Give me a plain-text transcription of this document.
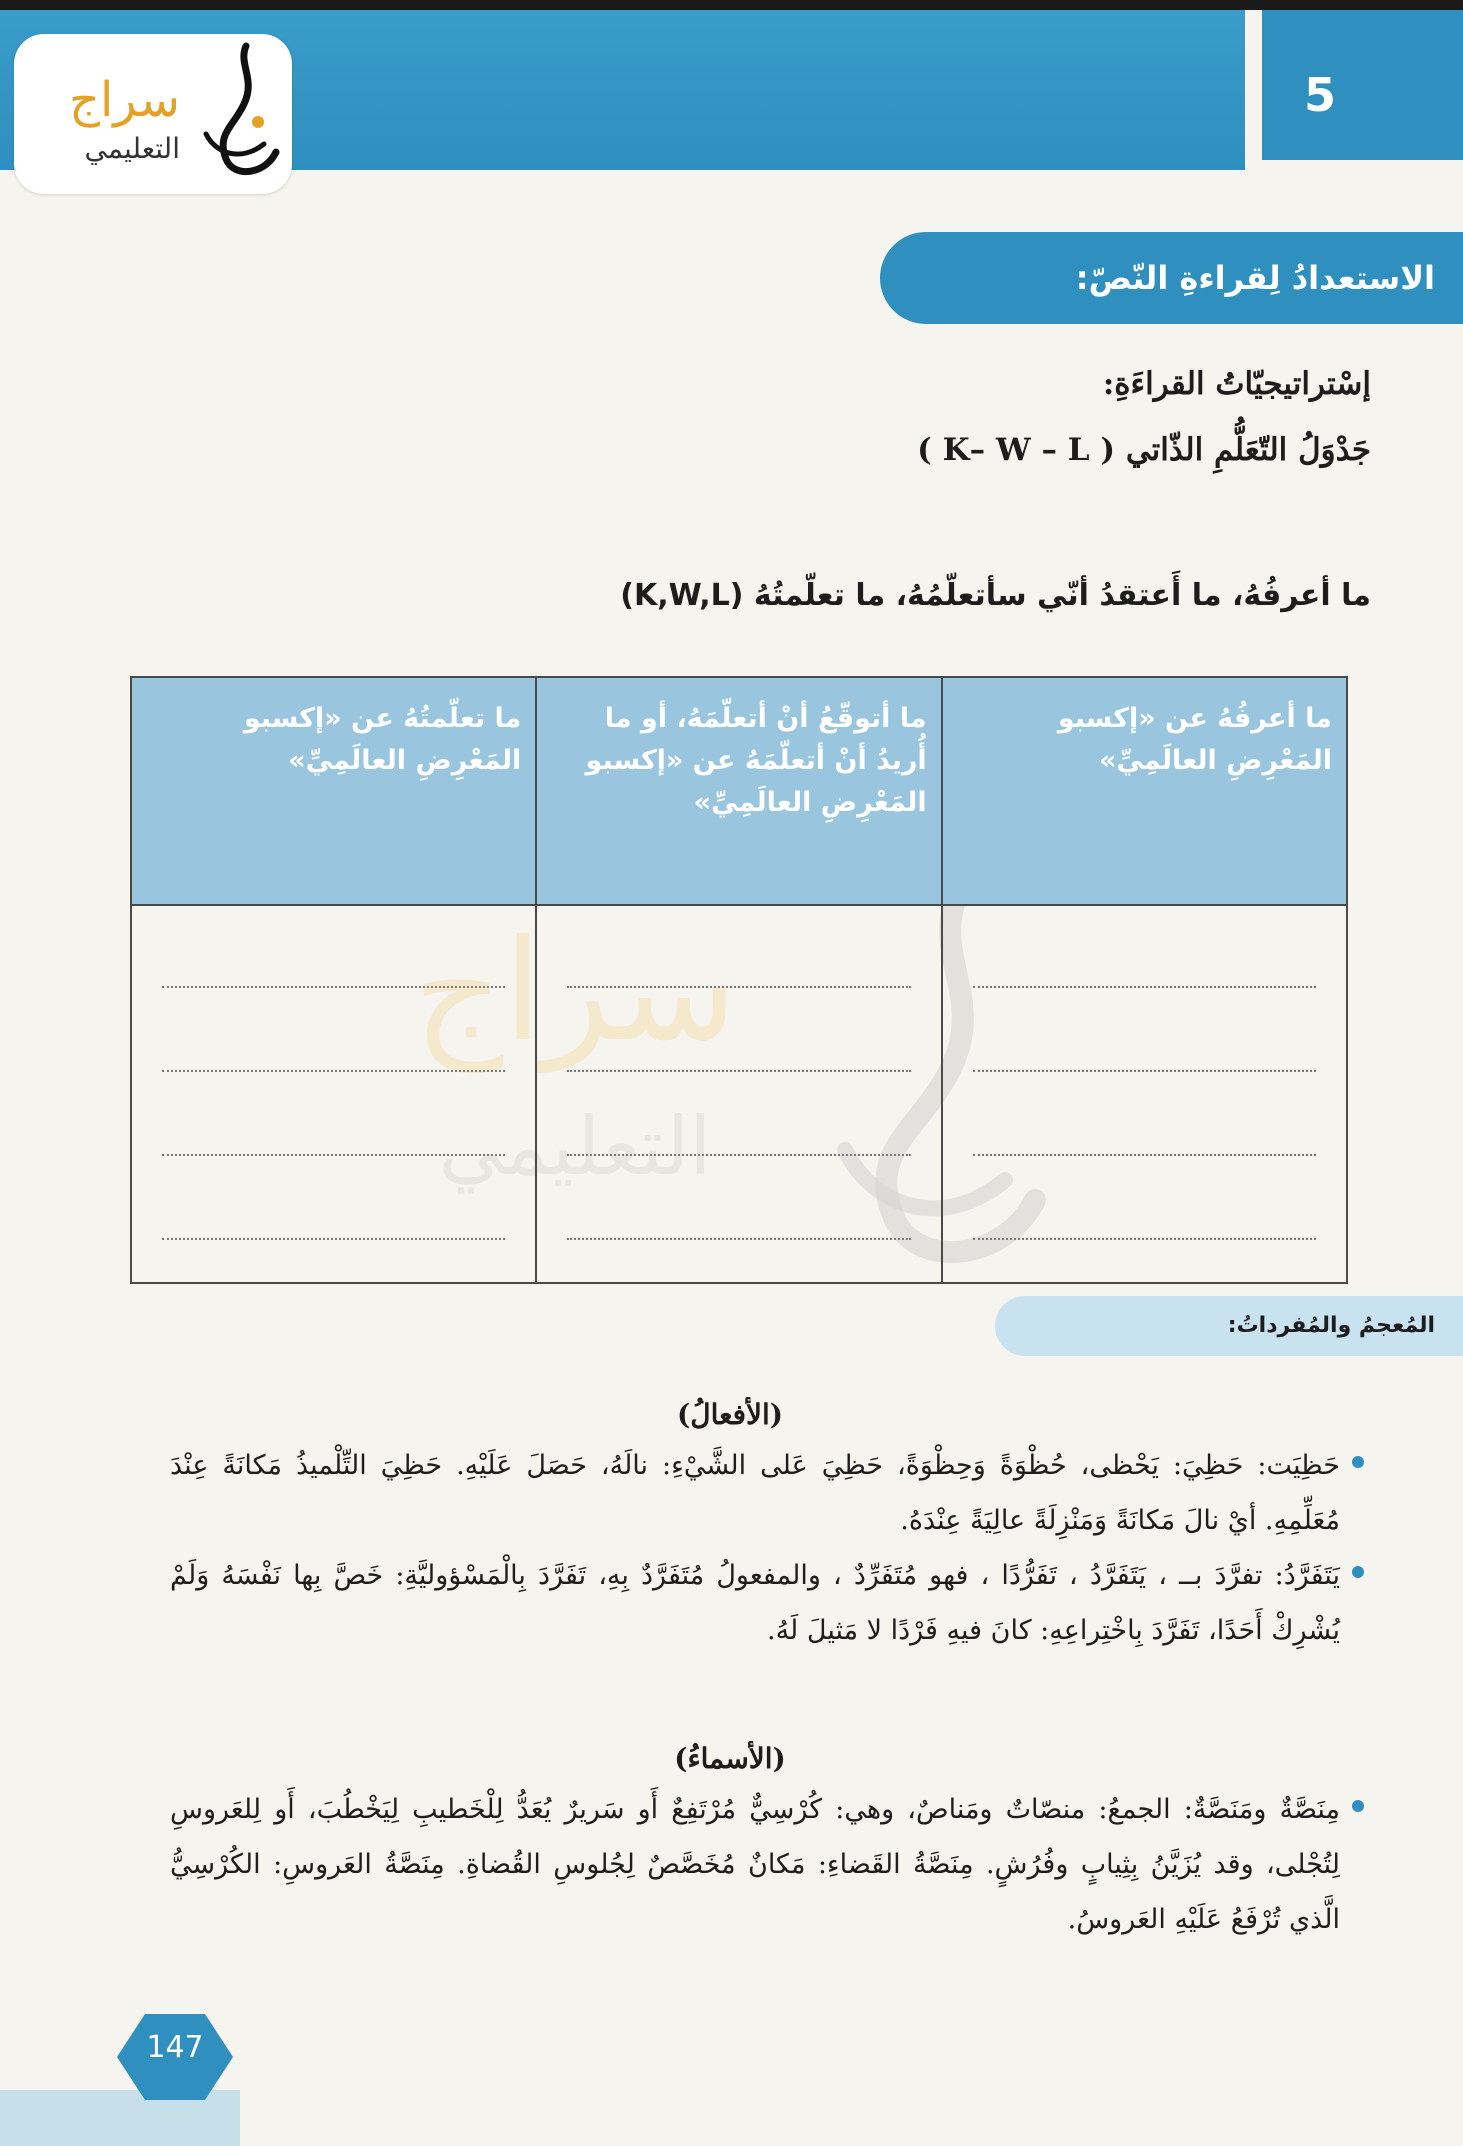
5
سراج
التعليمي
الاستعدادُ لِقراءةِ النّصّ:
إسْتراتيجيّاتُ القراءَةِ:
جَدْوَلُ التّعَلُّمِ الذّاتي ( K– W – L )
ما أعرفُهُ، ما أَعتقدُ أنّي سأتعلّمُهُ، ما تعلّمتُهُ (K,W,L)
سراج
التعليمي
ما تعلّمتُهُ عن «إكسبو المَعْرِضِ العالَمِيِّ»	ما أتوقّعُ أنْ أتعلّمَهُ، أو ما أُريدُ أنْ أتعلّمَهُ عن «إكسبو المَعْرِضِ العالَمِيِّ»	ما أعرفُهُ عن «إكسبو المَعْرِضِ العالَمِيِّ»

المُعجمُ والمُفرداتُ:
(الأفعالُ)
حَظِيَت: حَظِيَ: يَحْظى، حُظْوَةً وَحِظْوَةً، حَظِيَ عَلى الشَّيْءِ: نالَهُ، حَصَلَ عَلَيْهِ. حَظِيَ التِّلْميذُ مَكانَةً عِنْدَ مُعَلِّمِهِ. أيْ نالَ مَكانَةً وَمَنْزِلَةً عالِيَةً عِنْدَهُ.
يَتَفَرَّدُ: تفرَّدَ بــ ، يَتَفَرَّدُ ، تَفَرُّدًا ، فهو مُتَفَرِّدٌ ، والمفعولُ مُتَفَرَّدٌ بِهِ، تَفَرَّدَ بِالْمَسْؤوليَّةِ: خَصَّ بِها نَفْسَهُ وَلَمْ يُشْرِكْ أَحَدًا، تَفَرَّدَ بِاخْتِراعِهِ: كانَ فيهِ فَرْدًا لا مَثيلَ لَهُ.
(الأسماءُ)
مِنَصَّةٌ ومَنَصَّةٌ: الجمعُ: منصّاتٌ ومَناصٌ، وهي: كُرْسِيٌّ مُرْتَفِعٌ أَو سَريرٌ يُعَدُّ لِلْخَطيبِ لِيَخْطُبَ، أَو لِلعَروسِ لِتُجْلى، وقد يُزَيَّنُ بِثِيابٍ وفُرُشٍ. مِنَصَّةُ القَضاءِ: مَكانٌ مُخَصَّصٌ لِجُلوسِ القُضاةِ. مِنَصَّةُ العَروسِ: الكُرْسِيُّ الَّذي تُرْفَعُ عَلَيْهِ العَروسُ.
147
